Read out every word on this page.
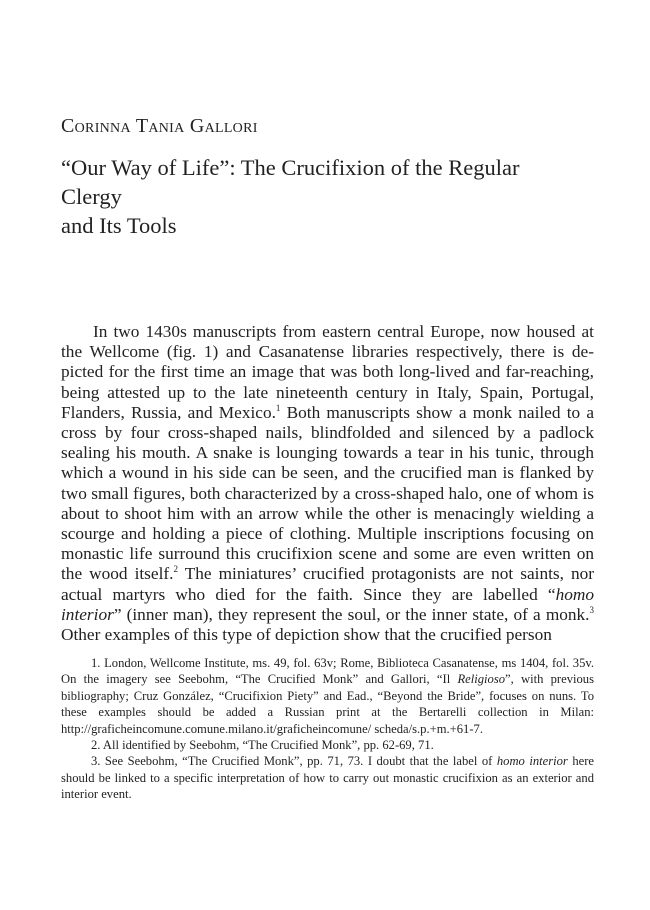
Corinna Tania Gallori
“Our Way of Life”: The Crucifixion of the Regular Clergy
and Its Tools

In two 1430s manuscripts from eastern central Europe, now housed at the Wellcome (fig. 1) and Casanatense libraries respectively, there is depicted for the first time an image that was both long-lived and far-reaching, being attested up to the late nineteenth century in Italy, Spain, Portugal, Flanders, Russia, and Mexico.$^1$ Both manuscripts show a monk nailed to a cross by four cross-shaped nails, blindfolded and silenced by a padlock sealing his mouth. A snake is lounging towards a tear in his tunic, through which a wound in his side can be seen, and the crucified man is flanked by two small figures, both characterized by a cross-shaped halo, one of whom is about to shoot him with an arrow while the other is menacingly wielding a scourge and holding a piece of clothing. Multiple inscriptions focusing on monastic life surround this crucifixion scene and some are even written on the wood itself.$^2$ The miniatures’ crucified protagonists are not saints, nor actual martyrs who died for the faith. Since they are labelled “homo interior” (inner man), they represent the soul, or the inner state, of a monk.$^3$ Other examples of this type of depiction show that the crucified person

1. London, Wellcome Institute, ms. 49, fol. 63v; Rome, Biblioteca Casanatense, ms 1404, fol. 35v. On the imagery see Seebohm, “The Crucified Monk” and Gallori, “Il Religioso”, with previous bibliography; Cruz González, “Crucifixion Piety” and Ead., “Beyond the Bride”, focuses on nuns. To these examples should be added a Russian print at the Bertarelli collection in Milan: http://graficheincomune.comune.milano.it/graficheincomune/ scheda/s.p.+m.+61-7.

2. All identified by Seebohm, “The Crucified Monk”, pp. 62-69, 71.

3. See Seebohm, “The Crucified Monk”, pp. 71, 73. I doubt that the label of homo interior here should be linked to a specific interpretation of how to carry out monastic crucifixion as an exterior and interior event.
